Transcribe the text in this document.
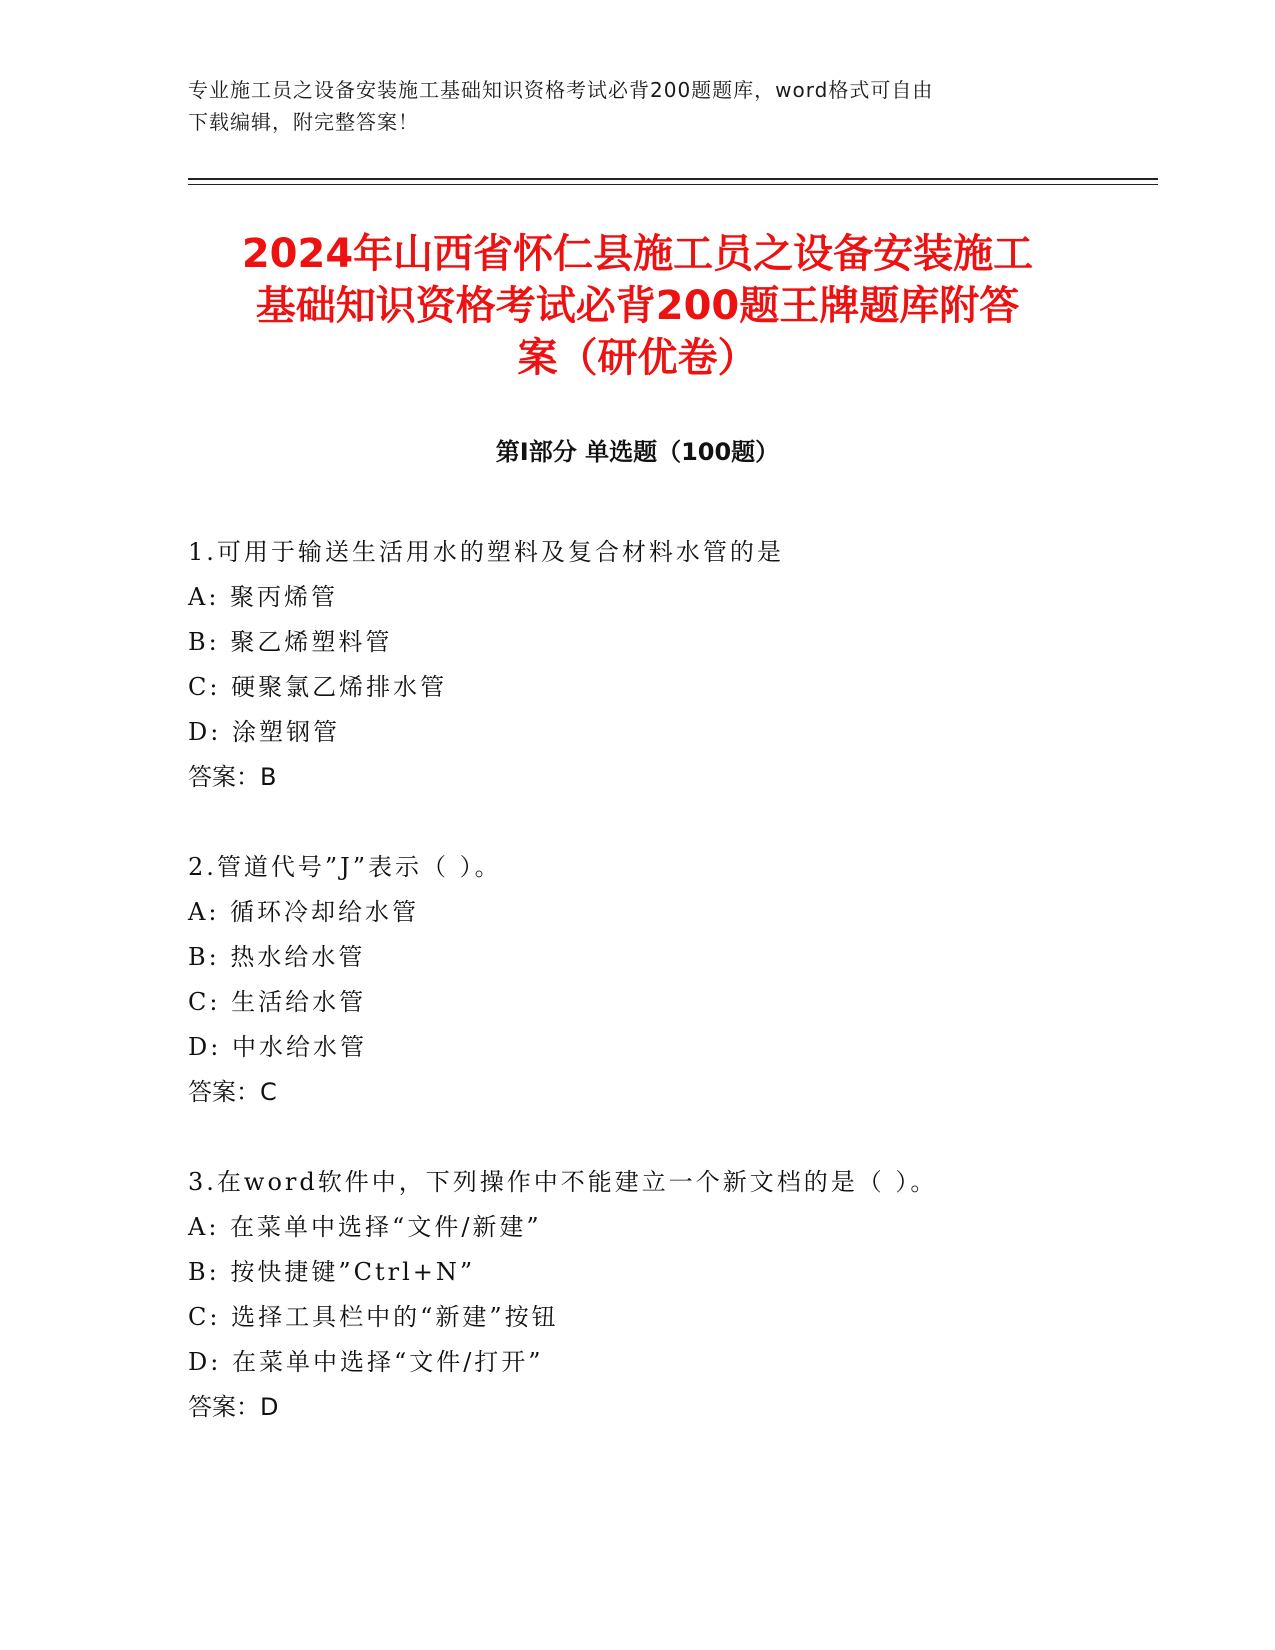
专业施工员之设备安装施工基础知识资格考试必背200题题库，word格式可自由
下载编辑，附完整答案！
2024年山西省怀仁县施工员之设备安装施工
基础知识资格考试必背200题王牌题库附答
案（研优卷）
第Ⅰ部分 单选题（100题）
1.可用于输送生活用水的塑料及复合材料水管的是
A: 聚丙烯管
B: 聚乙烯塑料管
C: 硬聚氯乙烯排水管
D: 涂塑钢管
答案：B
2.管道代号”J”表示（ ）。
A: 循环冷却给水管
B: 热水给水管
C: 生活给水管
D: 中水给水管
答案：C
3.在word软件中，下列操作中不能建立一个新文档的是（ ）。
A: 在菜单中选择“文件/新建”
B: 按快捷键”Ctrl+N”
C: 选择工具栏中的“新建”按钮
D: 在菜单中选择“文件/打开”
答案：D
